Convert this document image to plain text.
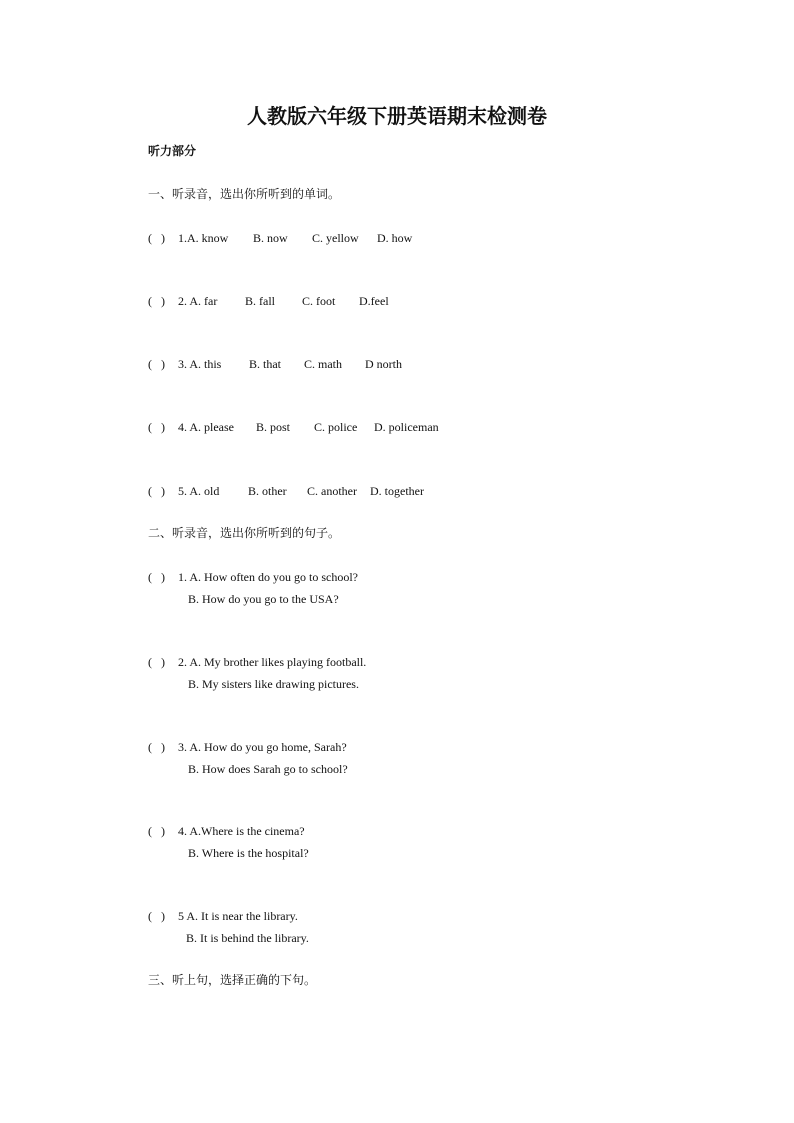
人教版六年级下册英语期末检测卷
听力部分
一、听录音，选出你所听到的单词。
(   ) 1.A. know B. now C. yellow D. how
(   ) 2. A. far B. fall C. foot D.feel
(   ) 3. A. this B. that C. math D north
(   ) 4. A. please B. post C. police D. policeman
(   ) 5. A. old B. other C. another D. together
二、听录音，选出你所听到的句子。
(   ) 1. A. How often do you go to school?
B. How do you go to the USA?
(   ) 2. A. My brother likes playing football.
B. My sisters like drawing pictures.
(   ) 3. A. How do you go home, Sarah?
B. How does Sarah go to school?
(   ) 4. A.Where is the cinema?
B. Where is the hospital?
(   ) 5 A. It is near the library.
B. It is behind the library.
三、听上句，选择正确的下句。
